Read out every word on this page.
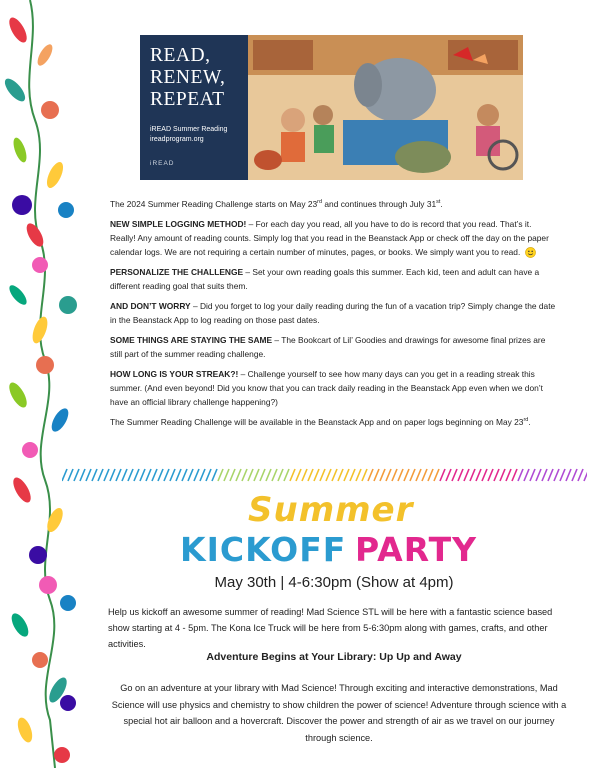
READ,
RENEW,
REPEAT
iREAD Summer Reading
ireadprogram.org
iREAD

The 2024 Summer Reading Challenge starts on May 23rd and continues through July 31st.

NEW SIMPLE LOGGING METHOD! – For each day you read, all you have to do is record that you read. That’s it. Really! Any amount of reading counts. Simply log that you read in the Beanstack App or check off the day on the paper calendar logs. We are not requiring a certain number of minutes, pages, or books. We simply want you to read.

PERSONALIZE THE CHALLENGE – Set your own reading goals this summer. Each kid, teen and adult can have a different reading goal that suits them.

AND DON’T WORRY – Did you forget to log your daily reading during the fun of a vacation trip? Simply change the date in the Beanstack App to log reading on those past dates.

SOME THINGS ARE STAYING THE SAME – The Bookcart of Lil’ Goodies and drawings for awesome final prizes are still part of the summer reading challenge.

HOW LONG IS YOUR STREAK?! – Challenge yourself to see how many days can you get in a reading streak this summer. (And even beyond! Did you know that you can track daily reading in the Beanstack App even when we don’t have an official library challenge happening?)

The Summer Reading Challenge will be available in the Beanstack App and on paper logs beginning on May 23rd.

Summer
KICKOFF PARTY
May 30th | 4-6:30pm (Show at 4pm)
Help us kickoff an awesome summer of reading! Mad Science STL will be here with a fantastic science based show starting at 4 - 5pm. The Kona Ice Truck will be here from 5-6:30pm along with games, crafts, and other activities.
Adventure Begins at Your Library: Up Up and Away
Go on an adventure at your library with Mad Science! Through exciting and interactive demonstrations, Mad Science will use physics and chemistry to show children the power of science! Adventure through science with a special hot air balloon and a hovercraft. Discover the power and strength of air as we travel on our journey through science.
